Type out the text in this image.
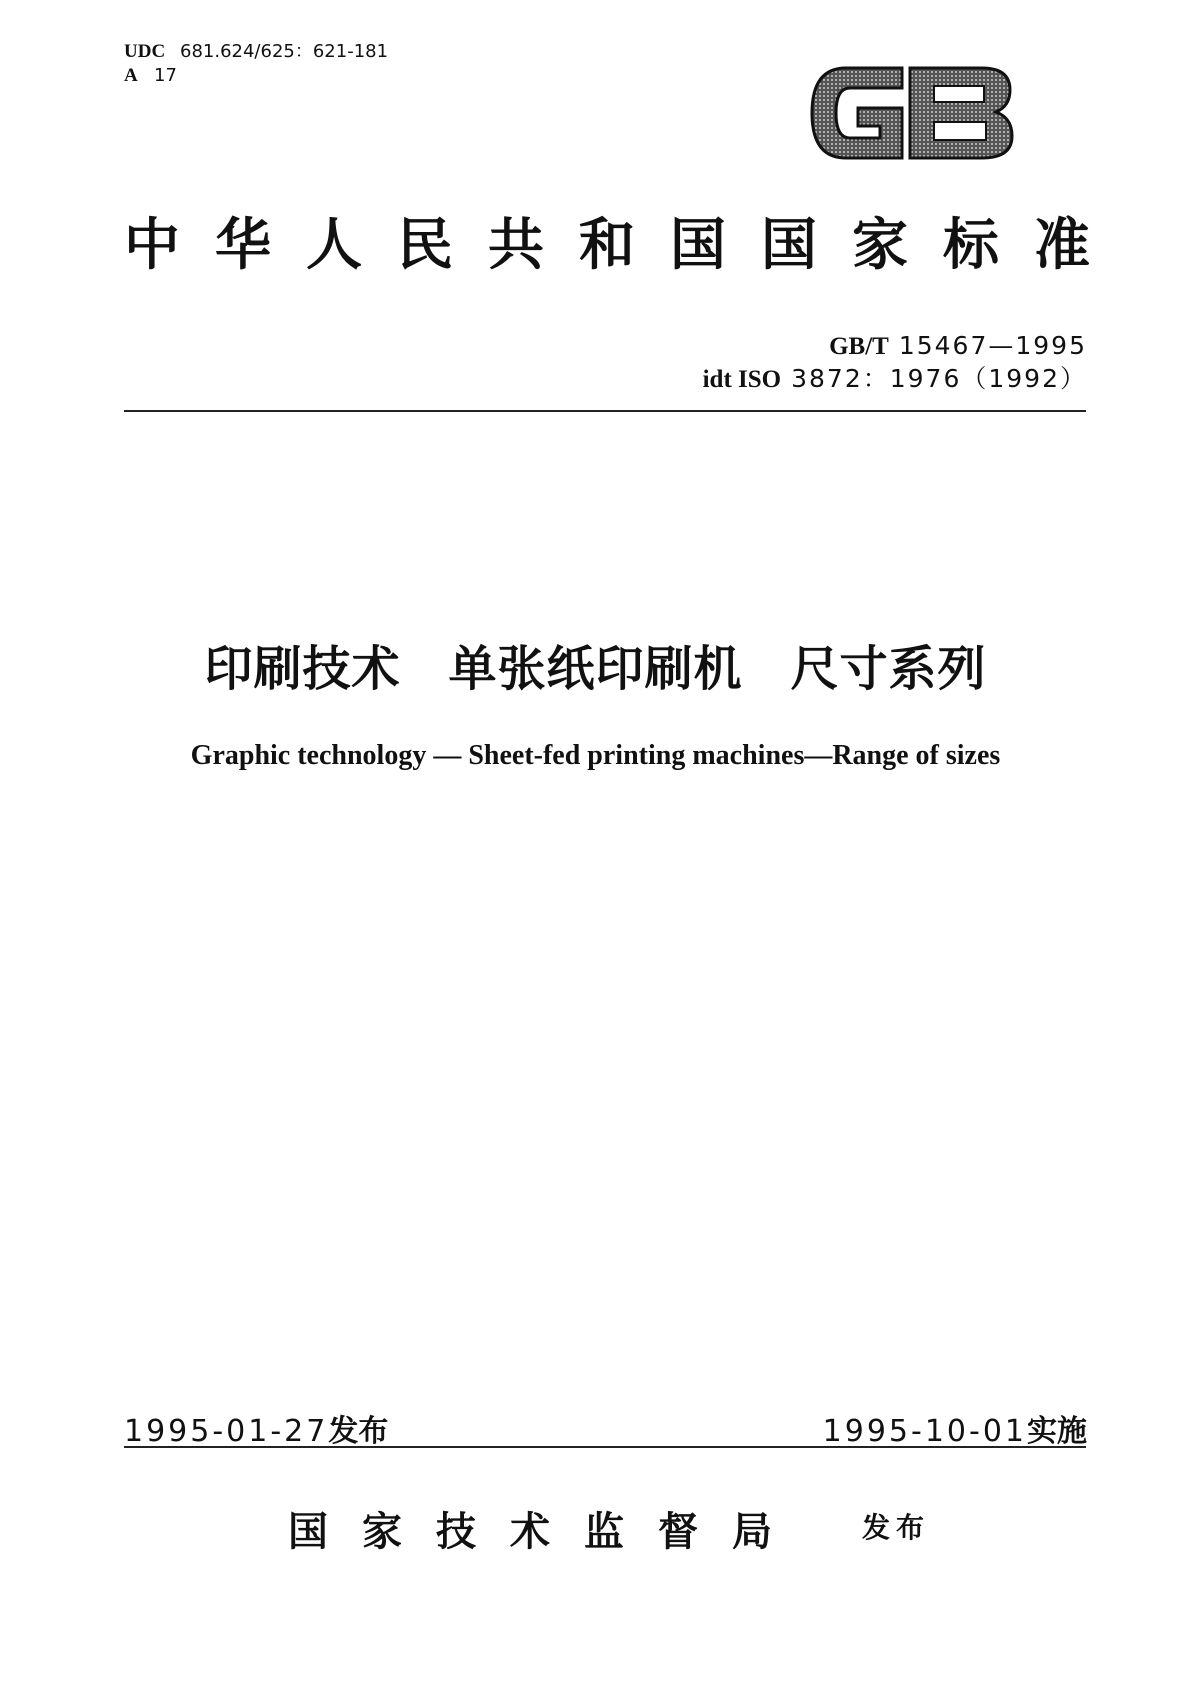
UDC 681.624/625：621-181
A 17
中 华 人 民 共 和 国 国 家 标 准
GB/T 15467—1995
idt ISO 3872：1976（1992）
印刷技术 单张纸印刷机 尺寸系列
Graphic technology — Sheet-fed printing machines—Range of sizes
1995-01-27发布	1995-10-01实施
国 家 技 术 监 督 局	发布
